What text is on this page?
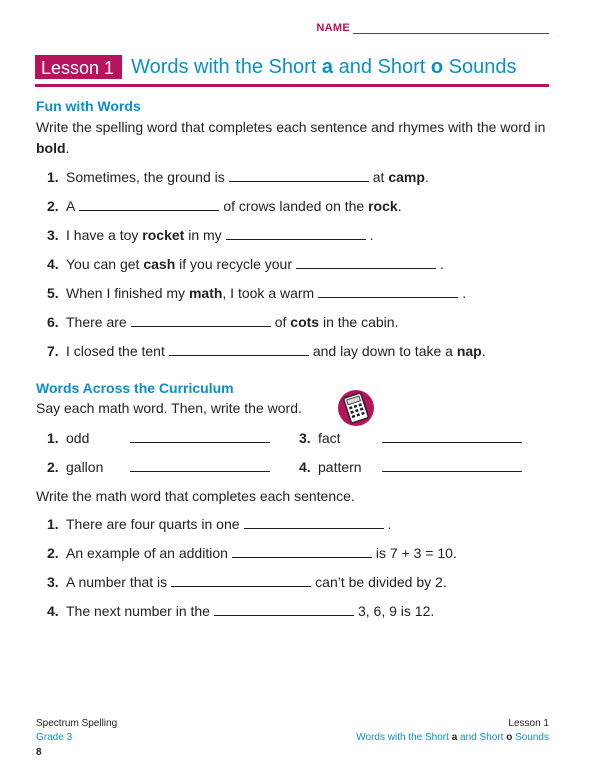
NAME
Lesson 1 Words with the Short a and Short o Sounds
Fun with Words
Write the spelling word that completes each sentence and rhymes with the word in bold.
1. Sometimes, the ground is	at
camp .
2. A	of crows landed on the
rock .
3. I have a toy
rocket
in my	.
4. You can get
cash
if you recycle your	.
5. When I finished my
math , I took a warm	.
6. There are	of
cots
in the cabin.
7. I closed the tent	and lay down to take a
nap .
Words Across the Curriculum
Say each math word. Then, write the word.
1. odd	3. fact
2. gallon	4. pattern
Write the math word that completes each sentence.
1. There are four quarts in one	.
2. An example of an addition	is 7 + 3 = 10.
3. A number that is	can’t be divided by 2.
4. The next number in the	3, 6, 9 is 12.
Spectrum Spelling
Grade 3
Lesson 1
Words with the Short a and Short o Sounds
8
